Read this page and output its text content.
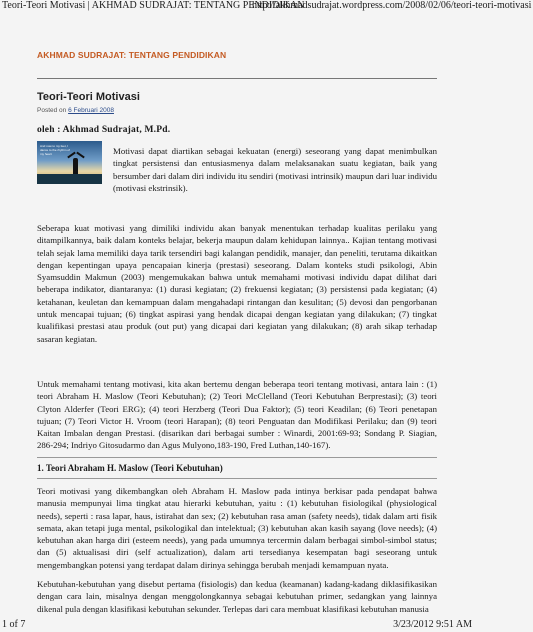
Teori-Teori Motivasi | AKHMAD SUDRAJAT: TENTANG PENDIDIKAN
http://akhmadsudrajat.wordpress.com/2008/02/06/teori-teori-motivasi
AKHMAD SUDRAJAT: TENTANG PENDIDIKAN
Teori-Teori Motivasi
Posted on 6 Februari 2008
oleh : Akhmad Sudrajat, M.Pd.
And now to my feet, I dance to the rhythm of my heart	Motivasi dapat diartikan sebagai kekuatan (energi) seseorang yang dapat menimbulkan tingkat persistensi dan entusiasmenya dalam melaksanakan suatu kegiatan, baik yang bersumber dari dalam diri individu itu sendiri (motivasi intrinsik) maupun dari luar individu (motivasi ekstrinsik).

Seberapa kuat motivasi yang dimiliki individu akan banyak menentukan terhadap kualitas perilaku yang ditampilkannya, baik dalam konteks belajar, bekerja maupun dalam kehidupan lainnya.. Kajian tentang motivasi telah sejak lama memiliki daya tarik tersendiri bagi kalangan pendidik, manajer, dan peneliti, terutama dikaitkan dengan kepentingan upaya pencapaian kinerja (prestasi) seseorang. Dalam konteks studi psikologi, Abin Syamsuddin Makmun (2003) mengemukakan bahwa untuk memahami motivasi individu dapat dilihat dari beberapa indikator, diantaranya: (1) durasi kegiatan; (2) frekuensi kegiatan; (3) persistensi pada kegiatan; (4) ketahanan, keuletan dan kemampuan dalam mengahadapi rintangan dan kesulitan; (5) devosi dan pengorbanan untuk mencapai tujuan; (6) tingkat aspirasi yang hendak dicapai dengan kegiatan yang dilakukan; (7) tingkat kualifikasi prestasi atau produk (out put) yang dicapai dari kegiatan yang dilakukan; (8) arah sikap terhadap sasaran kegiatan.

Untuk memahami tentang motivasi, kita akan bertemu dengan beberapa teori tentang motivasi, antara lain : (1) teori Abraham H. Maslow (Teori Kebutuhan); (2) Teori McClelland (Teori Kebutuhan Berprestasi); (3) teori Clyton Alderfer (Teori ERG); (4) teori Herzberg (Teori Dua Faktor); (5) teori Keadilan; (6) Teori penetapan tujuan; (7) Teori Victor H. Vroom (teori Harapan); (8) teori Penguatan dan Modifikasi Perilaku; dan (9) teori Kaitan Imbalan dengan Prestasi. (disarikan dari berbagai sumber : Winardi, 2001:69-93; Sondang P. Siagian, 286-294; Indriyo Gitosudarmo dan Agus Mulyono,183-190, Fred Luthan,140-167).

1. Teori Abraham H. Maslow (Teori Kebutuhan)

Teori motivasi yang dikembangkan oleh Abraham H. Maslow pada intinya berkisar pada pendapat bahwa manusia mempunyai lima tingkat atau hierarki kebutuhan, yaitu : (1) kebutuhan fisiologikal (physiological needs), seperti : rasa lapar, haus, istirahat dan sex; (2) kebutuhan rasa aman (safety needs), tidak dalam arti fisik semata, akan tetapi juga mental, psikologikal dan intelektual; (3) kebutuhan akan kasih sayang (love needs); (4) kebutuhan akan harga diri (esteem needs), yang pada umumnya tercermin dalam berbagai simbol-simbol status; dan (5) aktualisasi diri (self actualization), dalam arti tersedianya kesempatan bagi seseorang untuk mengembangkan potensi yang terdapat dalam dirinya sehingga berubah menjadi kemampuan nyata.

Kebutuhan-kebutuhan yang disebut pertama (fisiologis) dan kedua (keamanan) kadang-kadang diklasifikasikan dengan cara lain, misalnya dengan menggolongkannya sebagai kebutuhan primer, sedangkan yang lainnya dikenal pula dengan klasifikasi kebutuhan sekunder. Terlepas dari cara membuat klasifikasi kebutuhan manusia

1 of 7	3/23/2012 9:51 AM
